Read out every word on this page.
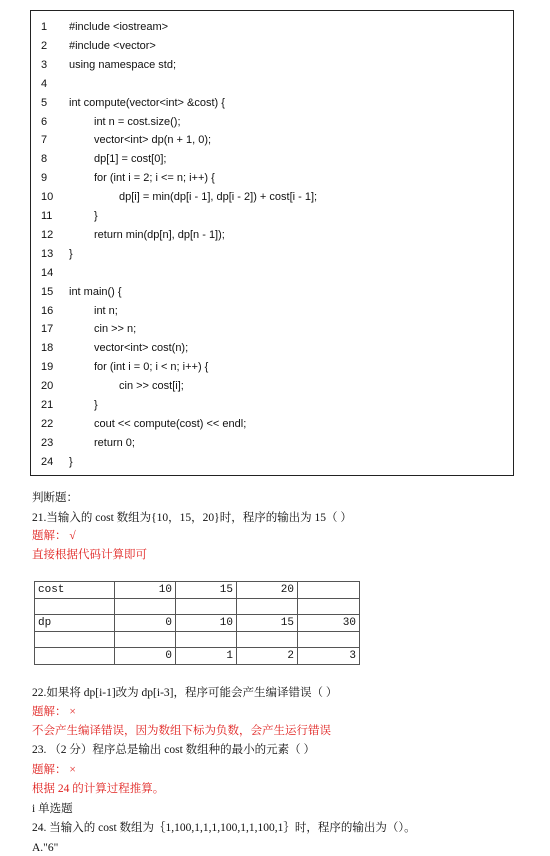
1	#include <iostream>
2	#include <vector>
3	using namespace std;
4
5	int compute(vector<int> &cost) {
6	int n = cost.size();
7	vector<int> dp(n + 1, 0);
8	dp[1] = cost[0];
9	for (int i = 2; i <= n; i++) {
10	dp[i] = min(dp[i - 1], dp[i - 2]) + cost[i - 1];
11	}
12	return min(dp[n], dp[n - 1]);
13 }
14
15 int main() {
16	int n;
17	cin >> n;
18	vector<int> cost(n);
19	for (int i = 0; i < n; i++) {
20	cin >> cost[i];
21	}
22	cout << compute(cost) << endl;
23	return 0;
24 }
判断题：
21.当输入的 cost 数组为{10，15，20}时，程序的输出为 15（ ）
题解： √
直接根据代码计算即可
cost	10	15	20	

dp	0	10	15	30

	0	1	2	3
22.如果将 dp[i-1]改为 dp[i-3]，程序可能会产生编译错误（ ）
题解： ×
不会产生编译错误，因为数组下标为负数，会产生运行错误
23. （2 分）程序总是输出 cost 数组种的最小的元素（ ）
题解： ×
根据 24 的计算过程推算。
i 单选题
24. 当输入的 cost 数组为｛1,100,1,1,1,100,1,1,100,1｝时，程序的输出为（）。
A."6"
